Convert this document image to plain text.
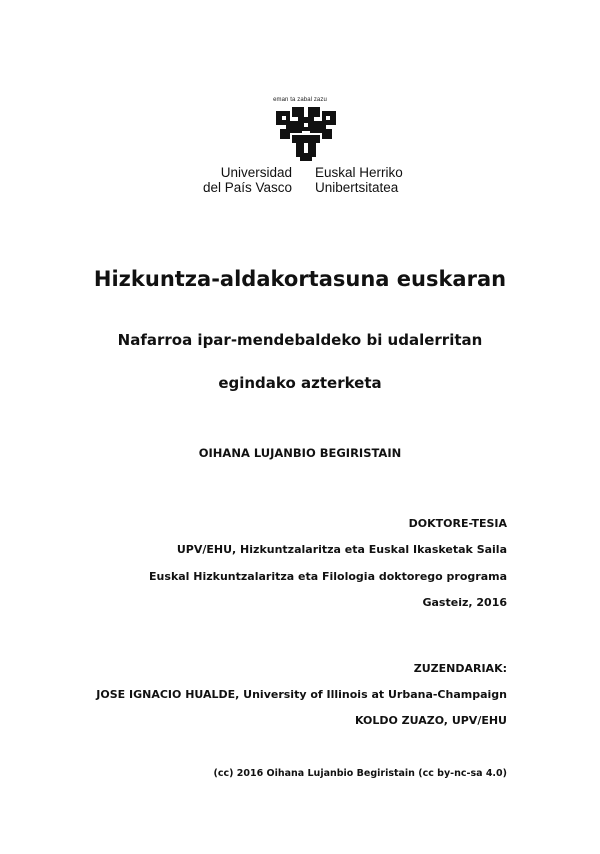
eman ta zabal zazu
Universidad
del País Vasco
Euskal Herriko
Unibertsitatea
Hizkuntza-aldakortasuna euskaran
Nafarroa ipar-mendebaldeko bi udalerritan
egindako azterketa
OIHANA LUJANBIO BEGIRISTAIN
DOKTORE-TESIA
UPV/EHU, Hizkuntzalaritza eta Euskal Ikasketak Saila
Euskal Hizkuntzalaritza eta Filologia doktorego programa
Gasteiz, 2016
ZUZENDARIAK:
JOSE IGNACIO HUALDE, University of Illinois at Urbana-Champaign
KOLDO ZUAZO, UPV/EHU
(cc) 2016 Oihana Lujanbio Begiristain (cc by-nc-sa 4.0)
